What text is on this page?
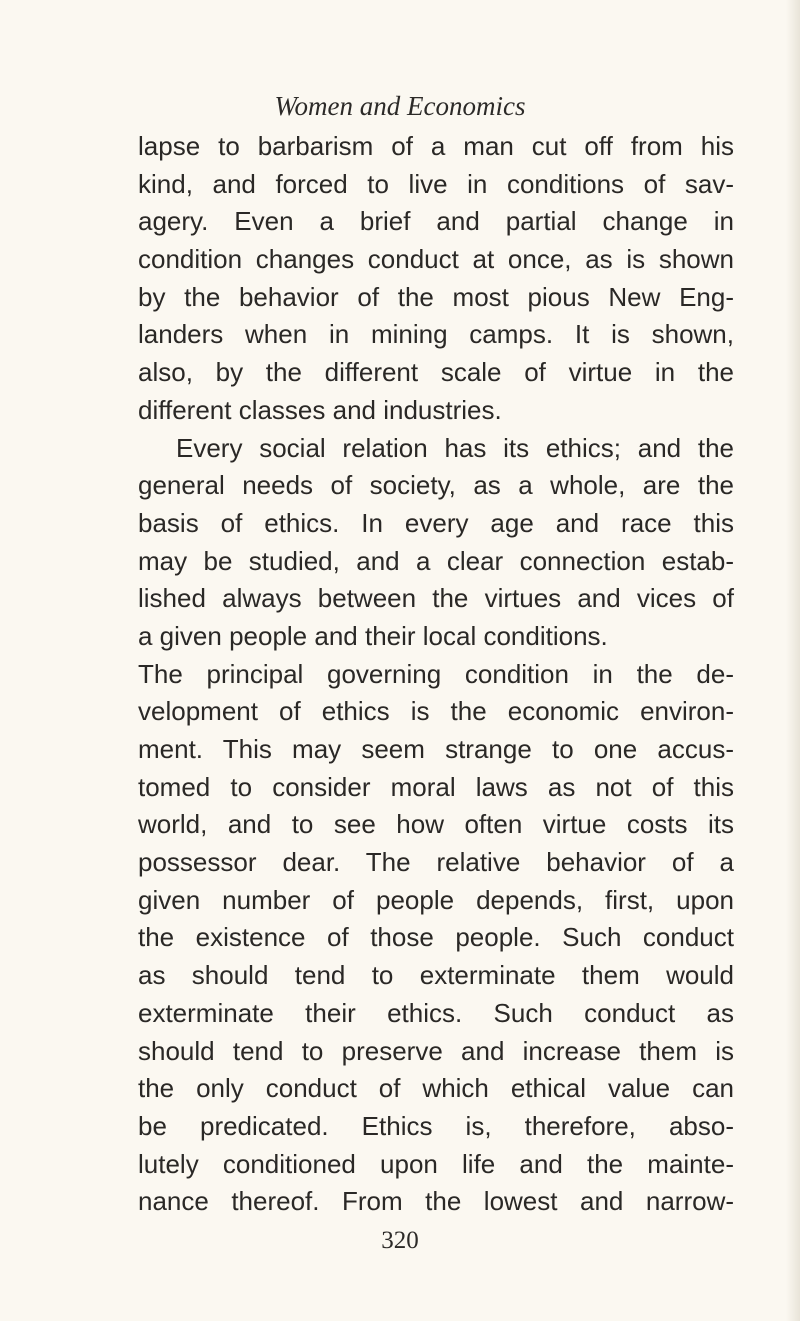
Women and Economics
lapse to barbarism of a man cut off from his
kind, and forced to live in conditions of sav-
agery. Even a brief and partial change in
condition changes conduct at once, as is shown
by the behavior of the most pious New Eng-
landers when in mining camps. It is shown,
also, by the different scale of virtue in the
different classes and industries.
Every social relation has its ethics; and the
general needs of society, as a whole, are the
basis of ethics. In every age and race this
may be studied, and a clear connection estab-
lished always between the virtues and vices of
a given people and their local conditions.
The principal governing condition in the de-
velopment of ethics is the economic environ-
ment. This may seem strange to one accus-
tomed to consider moral laws as not of this
world, and to see how often virtue costs its
possessor dear. The relative behavior of a
given number of people depends, first, upon
the existence of those people. Such conduct
as should tend to exterminate them would
exterminate their ethics. Such conduct as
should tend to preserve and increase them is
the only conduct of which ethical value can
be predicated. Ethics is, therefore, abso-
lutely conditioned upon life and the mainte-
nance thereof. From the lowest and narrow-
320
